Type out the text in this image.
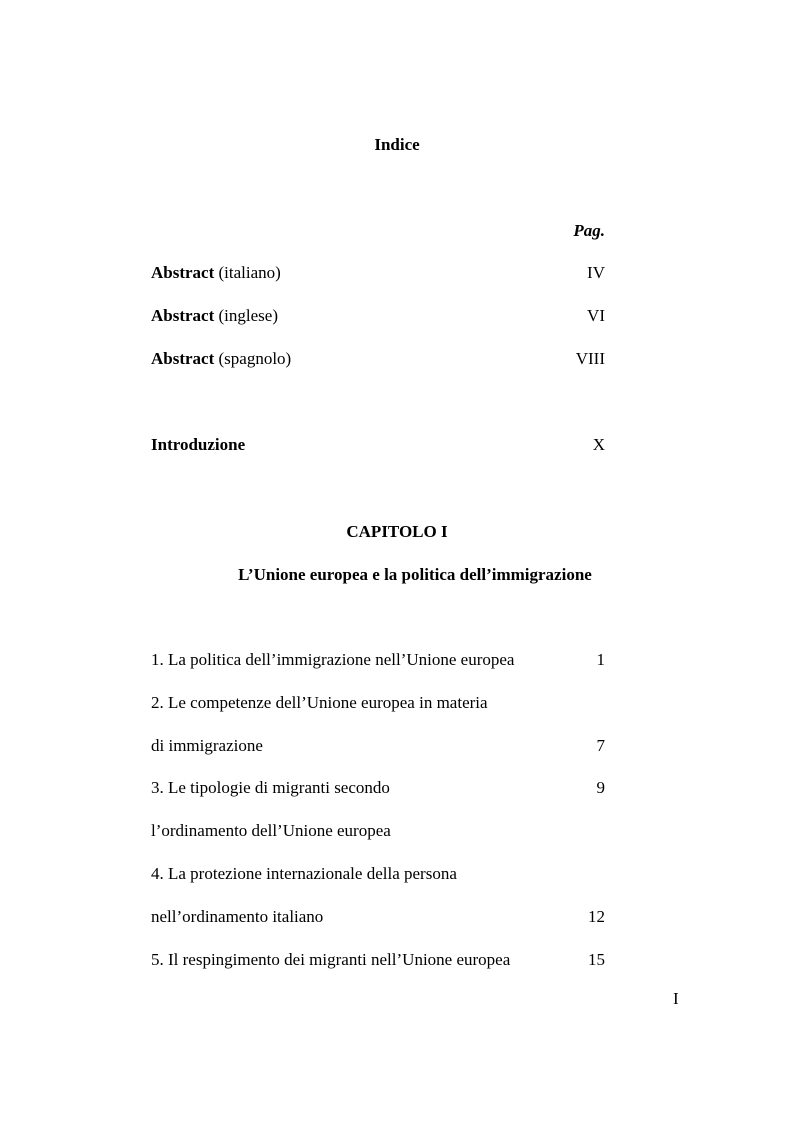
Indice
Pag.
Abstract (italiano)	IV
Abstract (inglese)	VI
Abstract (spagnolo)	VIII
Introduzione	X
CAPITOLO I
L’Unione europea e la politica dell’immigrazione
1. La politica dell’immigrazione nell’Unione europea	1
2. Le competenze dell’Unione europea in materia
di immigrazione	7
3. Le tipologie di migranti secondo	9
l’ordinamento dell’Unione europea
4. La protezione internazionale della persona
nell’ordinamento italiano	12
5. Il respingimento dei migranti nell’Unione europea	15
I
